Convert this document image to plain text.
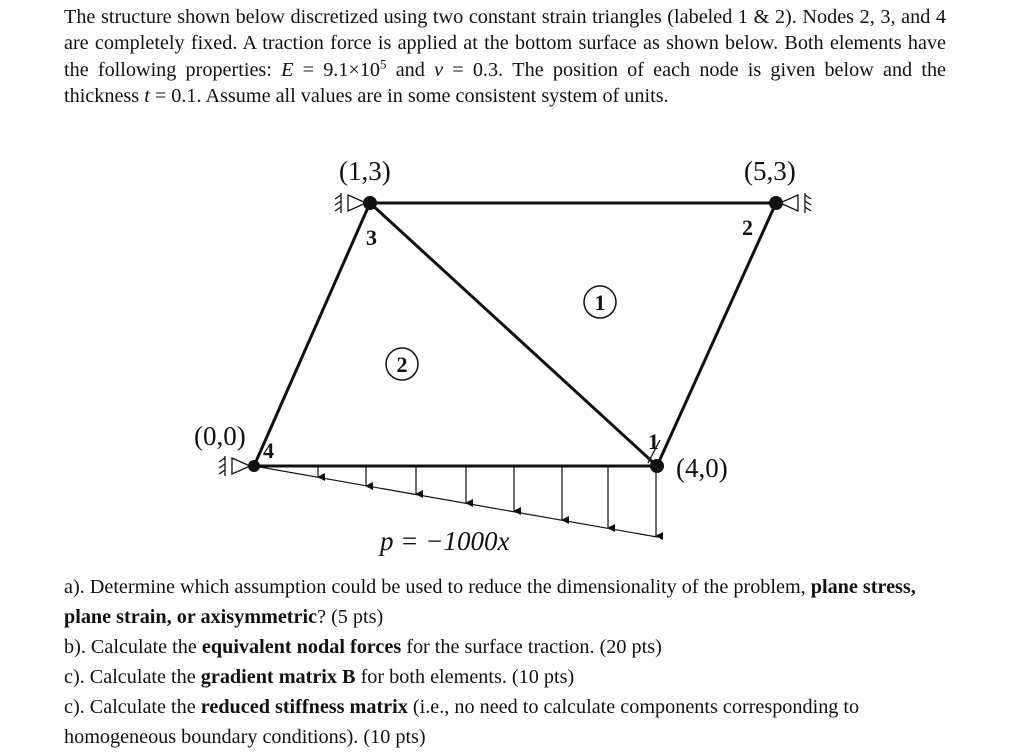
The structure shown below discretized using two constant strain triangles (labeled 1 & 2). Nodes 2, 3, and 4 are completely fixed. A traction force is applied at the bottom surface as shown below. Both elements have the following properties: $E = 9.1\times 10^5$ and ν = 0.3. The position of each node is given below and the thickness t = 0.1. Assume all values are in some consistent system of units.

(1,3)	(5,3)
(0,0)
(4,0)
3	2
4	1
1
2
p = −1000x
a). Determine which assumption could be used to reduce the dimensionality of the problem, plane stress, plane strain, or axisymmetric? (5 pts)
b). Calculate the equivalent nodal forces for the surface traction. (20 pts)
c). Calculate the gradient matrix B for both elements. (10 pts)
c). Calculate the reduced stiffness matrix (i.e., no need to calculate components corresponding to homogeneous boundary conditions). (10 pts)
